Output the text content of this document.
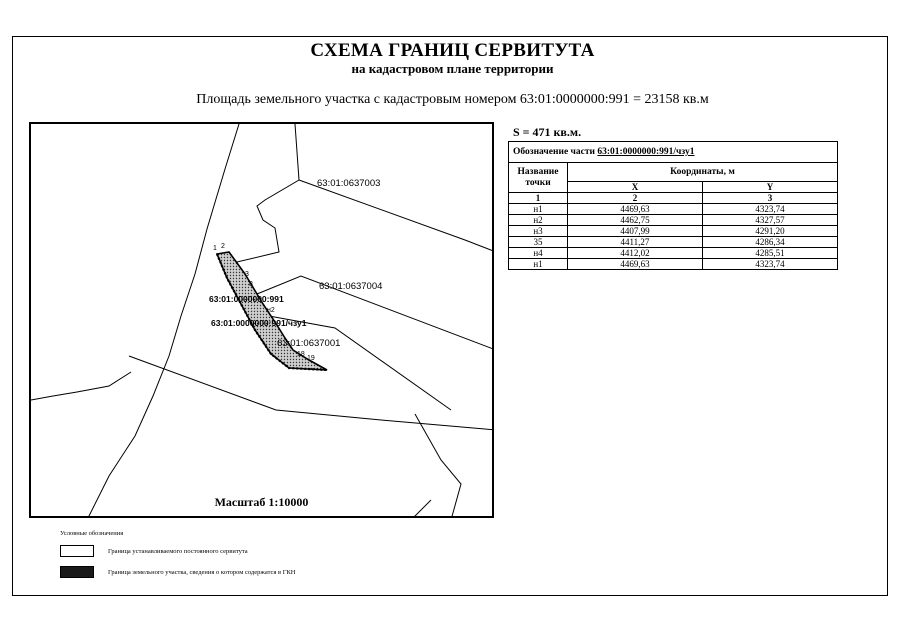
СХЕМА ГРАНИЦ СЕРВИТУТА
на кадастровом плане территории
Площадь земельного участка с кадастровым номером 63:01:0000000:991 = 23158 кв.м
63:01:0637003
63:01:0637004
63:01:0637001
63:01:0000000:991
63:01:0000000:991/чзу1
1 2
3
8
н2
18
19
Масштаб 1:10000
S = 471 кв.м.
Обозначение части 63:01:0000000:991/чзу1		
Название точки	Координаты, м	
	X	Y
1	2	3
н1	4469,63	4323,74
н2	4462,75	4327,57
н3	4407,99	4291,20
35	4411,27	4286,34
н4	4412,02	4285,51
н1	4469,63	4323,74
Условные обозначения
Граница устанавливаемого постоянного сервитута
Граница земельного участка, сведения о котором содержатся в ГКН
